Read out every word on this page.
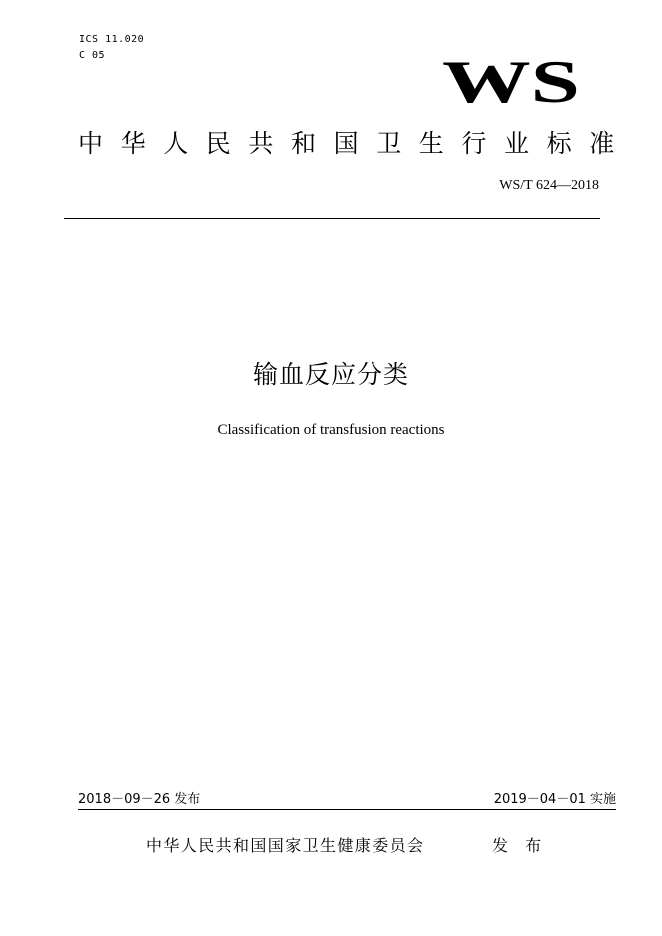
ICS 11.020
C 05	WS
中华人民共和国卫生行业标准
WS/T 624—2018
输血反应分类
Classification of transfusion reactions
2018－09－26 发布	2019－04－01 实施
中华人民共和国国家卫生健康委员会	发 布
